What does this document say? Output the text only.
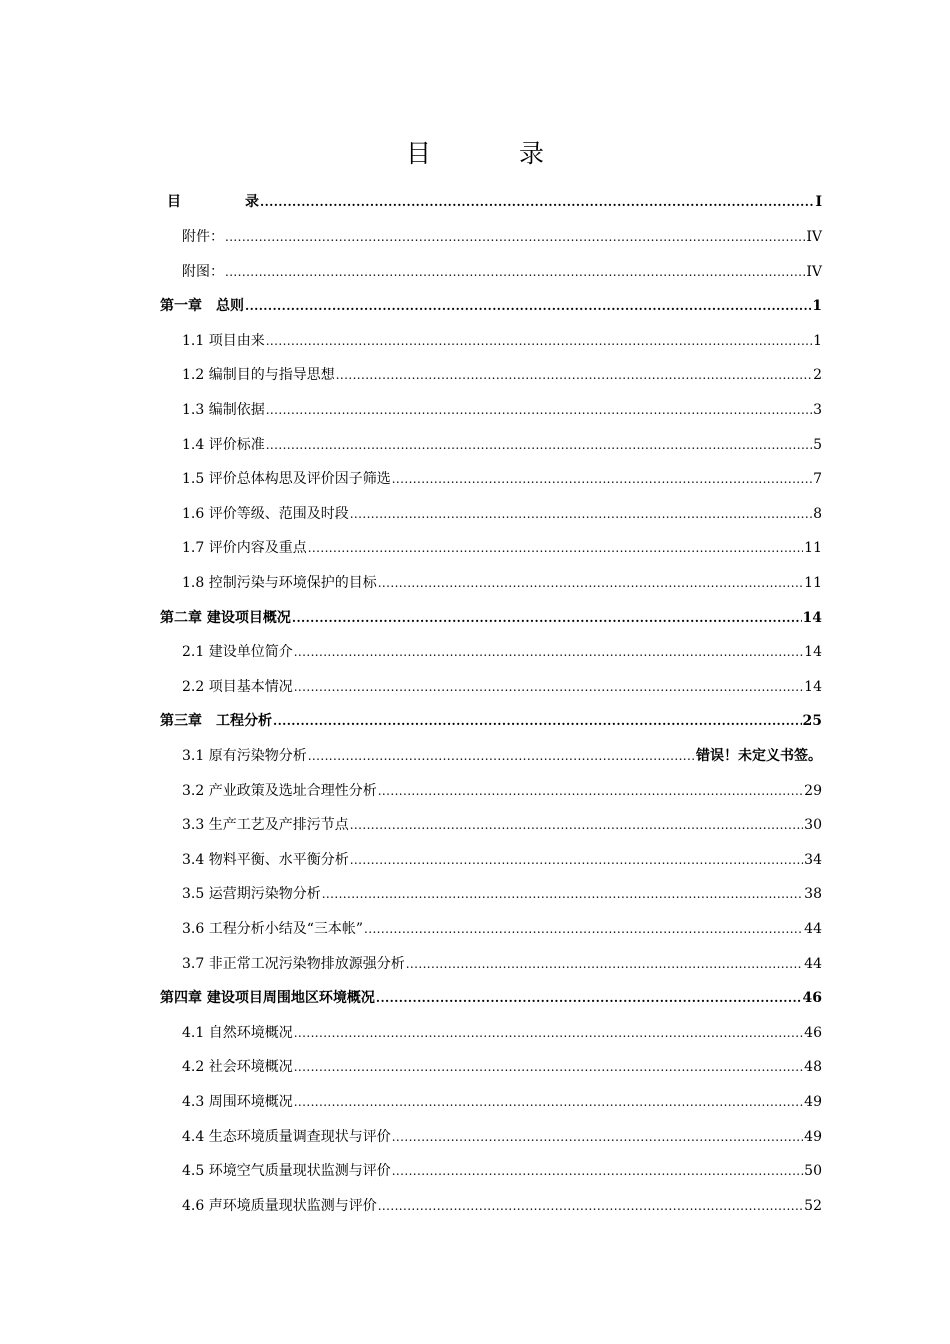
目	录
目	录 .....	I
附件： .....	IV
附图： .....	IV
第一章　总则 .....	1
1.1 项目由来 .....	1
1.2 编制目的与指导思想 .....	2
1.3 编制依据 .....	3
1.4 评价标准 .....	5
1.5 评价总体构思及评价因子筛选 .....	7
1.6 评价等级、范围及时段 .....	8
1.7 评价内容及重点 .....	11
1.8 控制污染与环境保护的目标 .....	11
第二章 建设项目概况 .....	14
2.1 建设单位简介 .....	14
2.2 项目基本情况 .....	14
第三章　工程分析 .....	25
3.1 原有污染物分析 .....	错误！未定义书签。
3.2 产业政策及选址合理性分析 .....	29
3.3 生产工艺及产排污节点 .....	30
3.4 物料平衡、水平衡分析 .....	34
3.5 运营期污染物分析 .....	38
3.6 工程分析小结及“三本帐” .....	44
3.7 非正常工况污染物排放源强分析 .....	44
第四章 建设项目周围地区环境概况 .....	46
4.1 自然环境概况 .....	46
4.2 社会环境概况 .....	48
4.3 周围环境概况 .....	49
4.4 生态环境质量调查现状与评价 .....	49
4.5 环境空气质量现状监测与评价 .....	50
4.6 声环境质量现状监测与评价 .....	52
